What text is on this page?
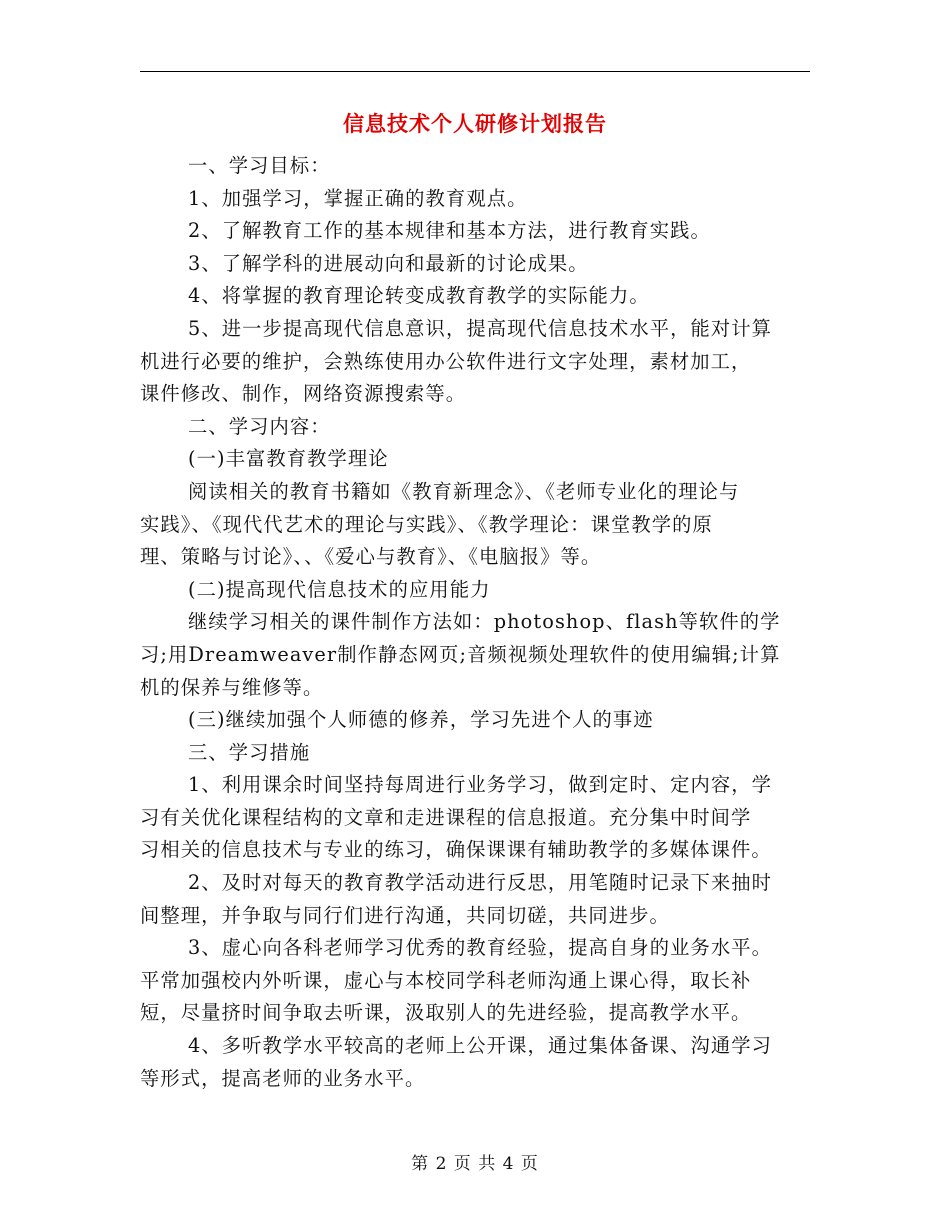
信息技术个人研修计划报告

一、学习目标：

1、加强学习，掌握正确的教育观点。

2、了解教育工作的基本规律和基本方法，进行教育实践。

3、了解学科的进展动向和最新的讨论成果。

4、将掌握的教育理论转变成教育教学的实际能力。

5、进一步提高现代信息意识，提高现代信息技术水平，能对计算

机进行必要的维护，会熟练使用办公软件进行文字处理，素材加工，

课件修改、制作，网络资源搜索等。

二、学习内容：

(一)丰富教育教学理论

阅读相关的教育书籍如《教育新理念》、《老师专业化的理论与

实践》、《现代代艺术的理论与实践》、《教学理论：课堂教学的原

理、策略与讨论》、、《爱心与教育》、《电脑报》等。

(二)提高现代信息技术的应用能力

继续学习相关的课件制作方法如：photoshop、flash等软件的学

习;用Dreamweaver制作静态网页;音频视频处理软件的使用编辑;计算

机的保养与维修等。

(三)继续加强个人师德的修养，学习先进个人的事迹

三、学习措施

1、利用课余时间坚持每周进行业务学习，做到定时、定内容，学

习有关优化课程结构的文章和走进课程的信息报道。充分集中时间学

习相关的信息技术与专业的练习，确保课课有辅助教学的多媒体课件。

2、及时对每天的教育教学活动进行反思，用笔随时记录下来抽时

间整理，并争取与同行们进行沟通，共同切磋，共同进步。

3、虚心向各科老师学习优秀的教育经验，提高自身的业务水平。

平常加强校内外听课，虚心与本校同学科老师沟通上课心得，取长补

短，尽量挤时间争取去听课，汲取别人的先进经验，提高教学水平。

4、多听教学水平较高的老师上公开课，通过集体备课、沟通学习

等形式，提高老师的业务水平。

第 2 页 共 4 页
